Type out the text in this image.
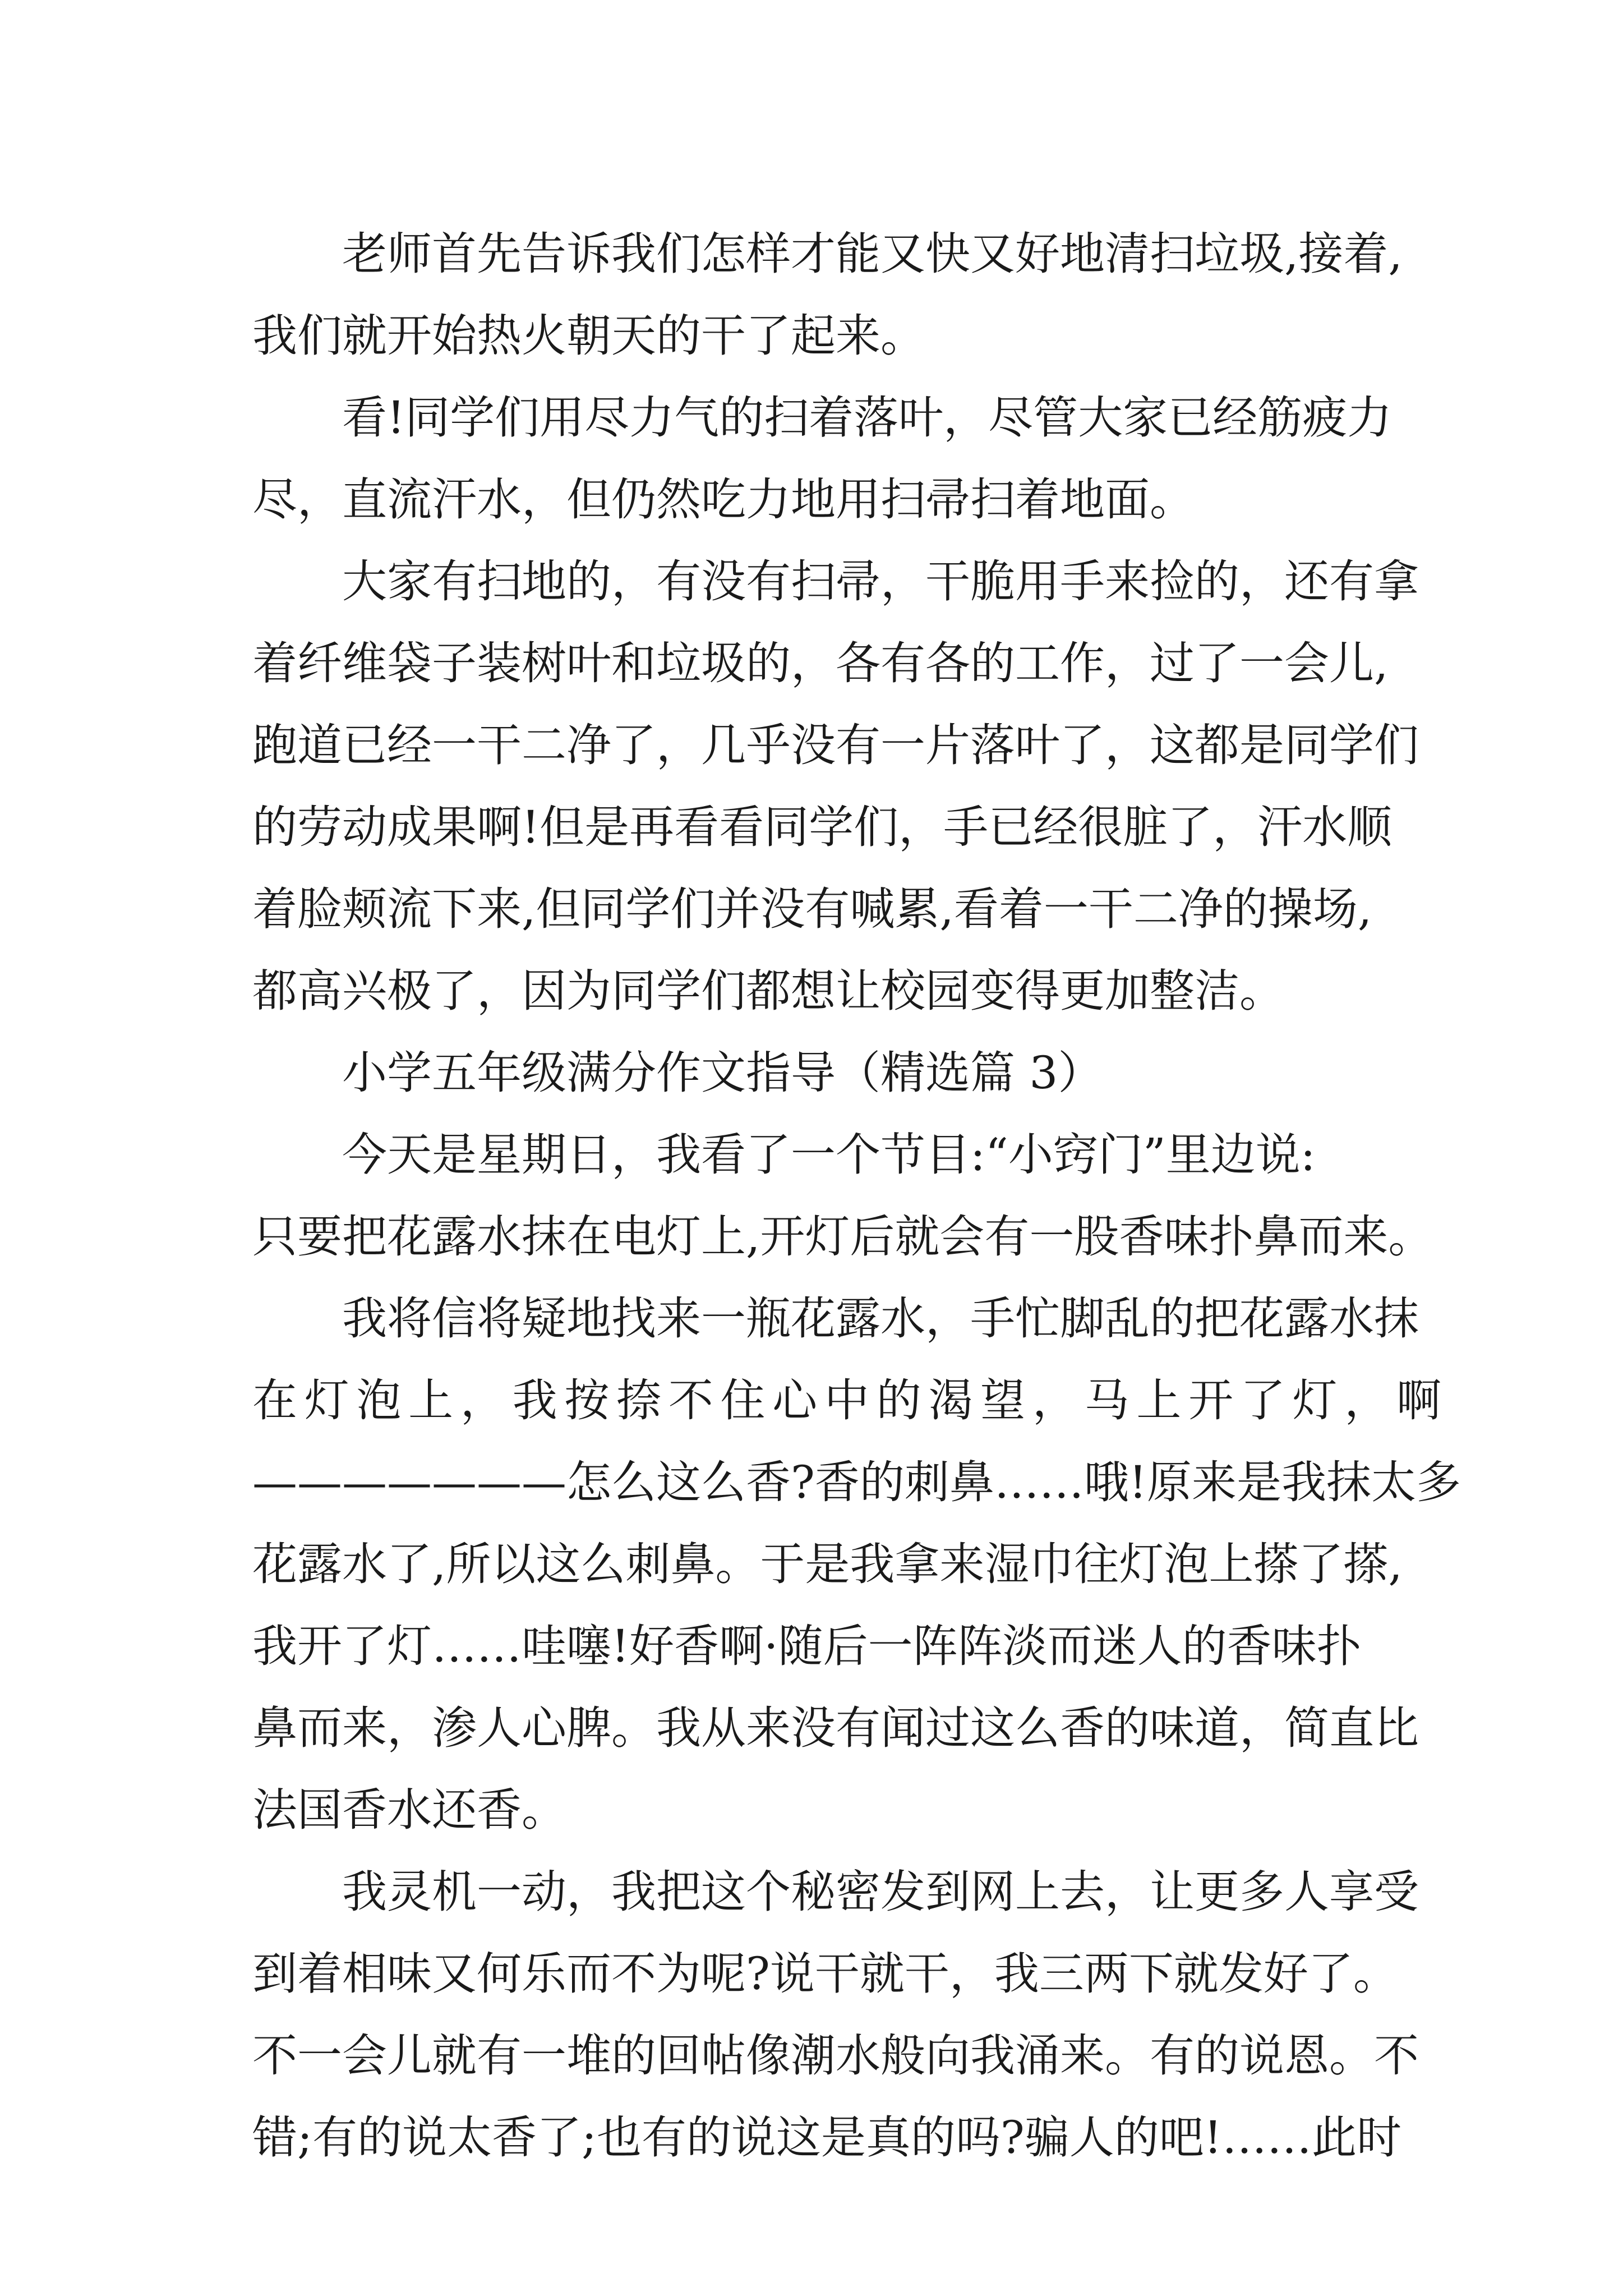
老师首先告诉我们怎样才能又快又好地清扫垃圾,接着,
我们就开始热火朝天的干了起来。
看!同学们用尽力气的扫着落叶，尽管大家已经筋疲力
尽，直流汗水，但仍然吃力地用扫帚扫着地面。
大家有扫地的，有没有扫帚，干脆用手来捡的，还有拿
着纤维袋子装树叶和垃圾的，各有各的工作，过了一会儿,
跑道已经一干二净了，几乎没有一片落叶了，这都是同学们
的劳动成果啊!但是再看看同学们，手已经很脏了，汗水顺
着脸颊流下来,但同学们并没有喊累,看着一干二净的操场,
都高兴极了，因为同学们都想让校园变得更加整洁。
小学五年级满分作文指导（精选篇 3）
今天是星期日，我看了一个节目:“小窍门”里边说:
只要把花露水抹在电灯上,开灯后就会有一股香味扑鼻而来。
我将信将疑地找来一瓶花露水，手忙脚乱的把花露水抹
在灯泡上，我按捺不住心中的渴望，马上开了灯，啊
———————怎么这么香?香的刺鼻……哦!原来是我抹太多
花露水了,所以这么刺鼻。于是我拿来湿巾往灯泡上搽了搽,
我开了灯……哇噻!好香啊·随后一阵阵淡而迷人的香味扑
鼻而来，渗人心脾。我从来没有闻过这么香的味道，简直比
法国香水还香。
我灵机一动，我把这个秘密发到网上去，让更多人享受
到着相味又何乐而不为呢?说干就干，我三两下就发好了。
不一会儿就有一堆的回帖像潮水般向我涌来。有的说恩。不
错;有的说太香了;也有的说这是真的吗?骗人的吧!……此时
